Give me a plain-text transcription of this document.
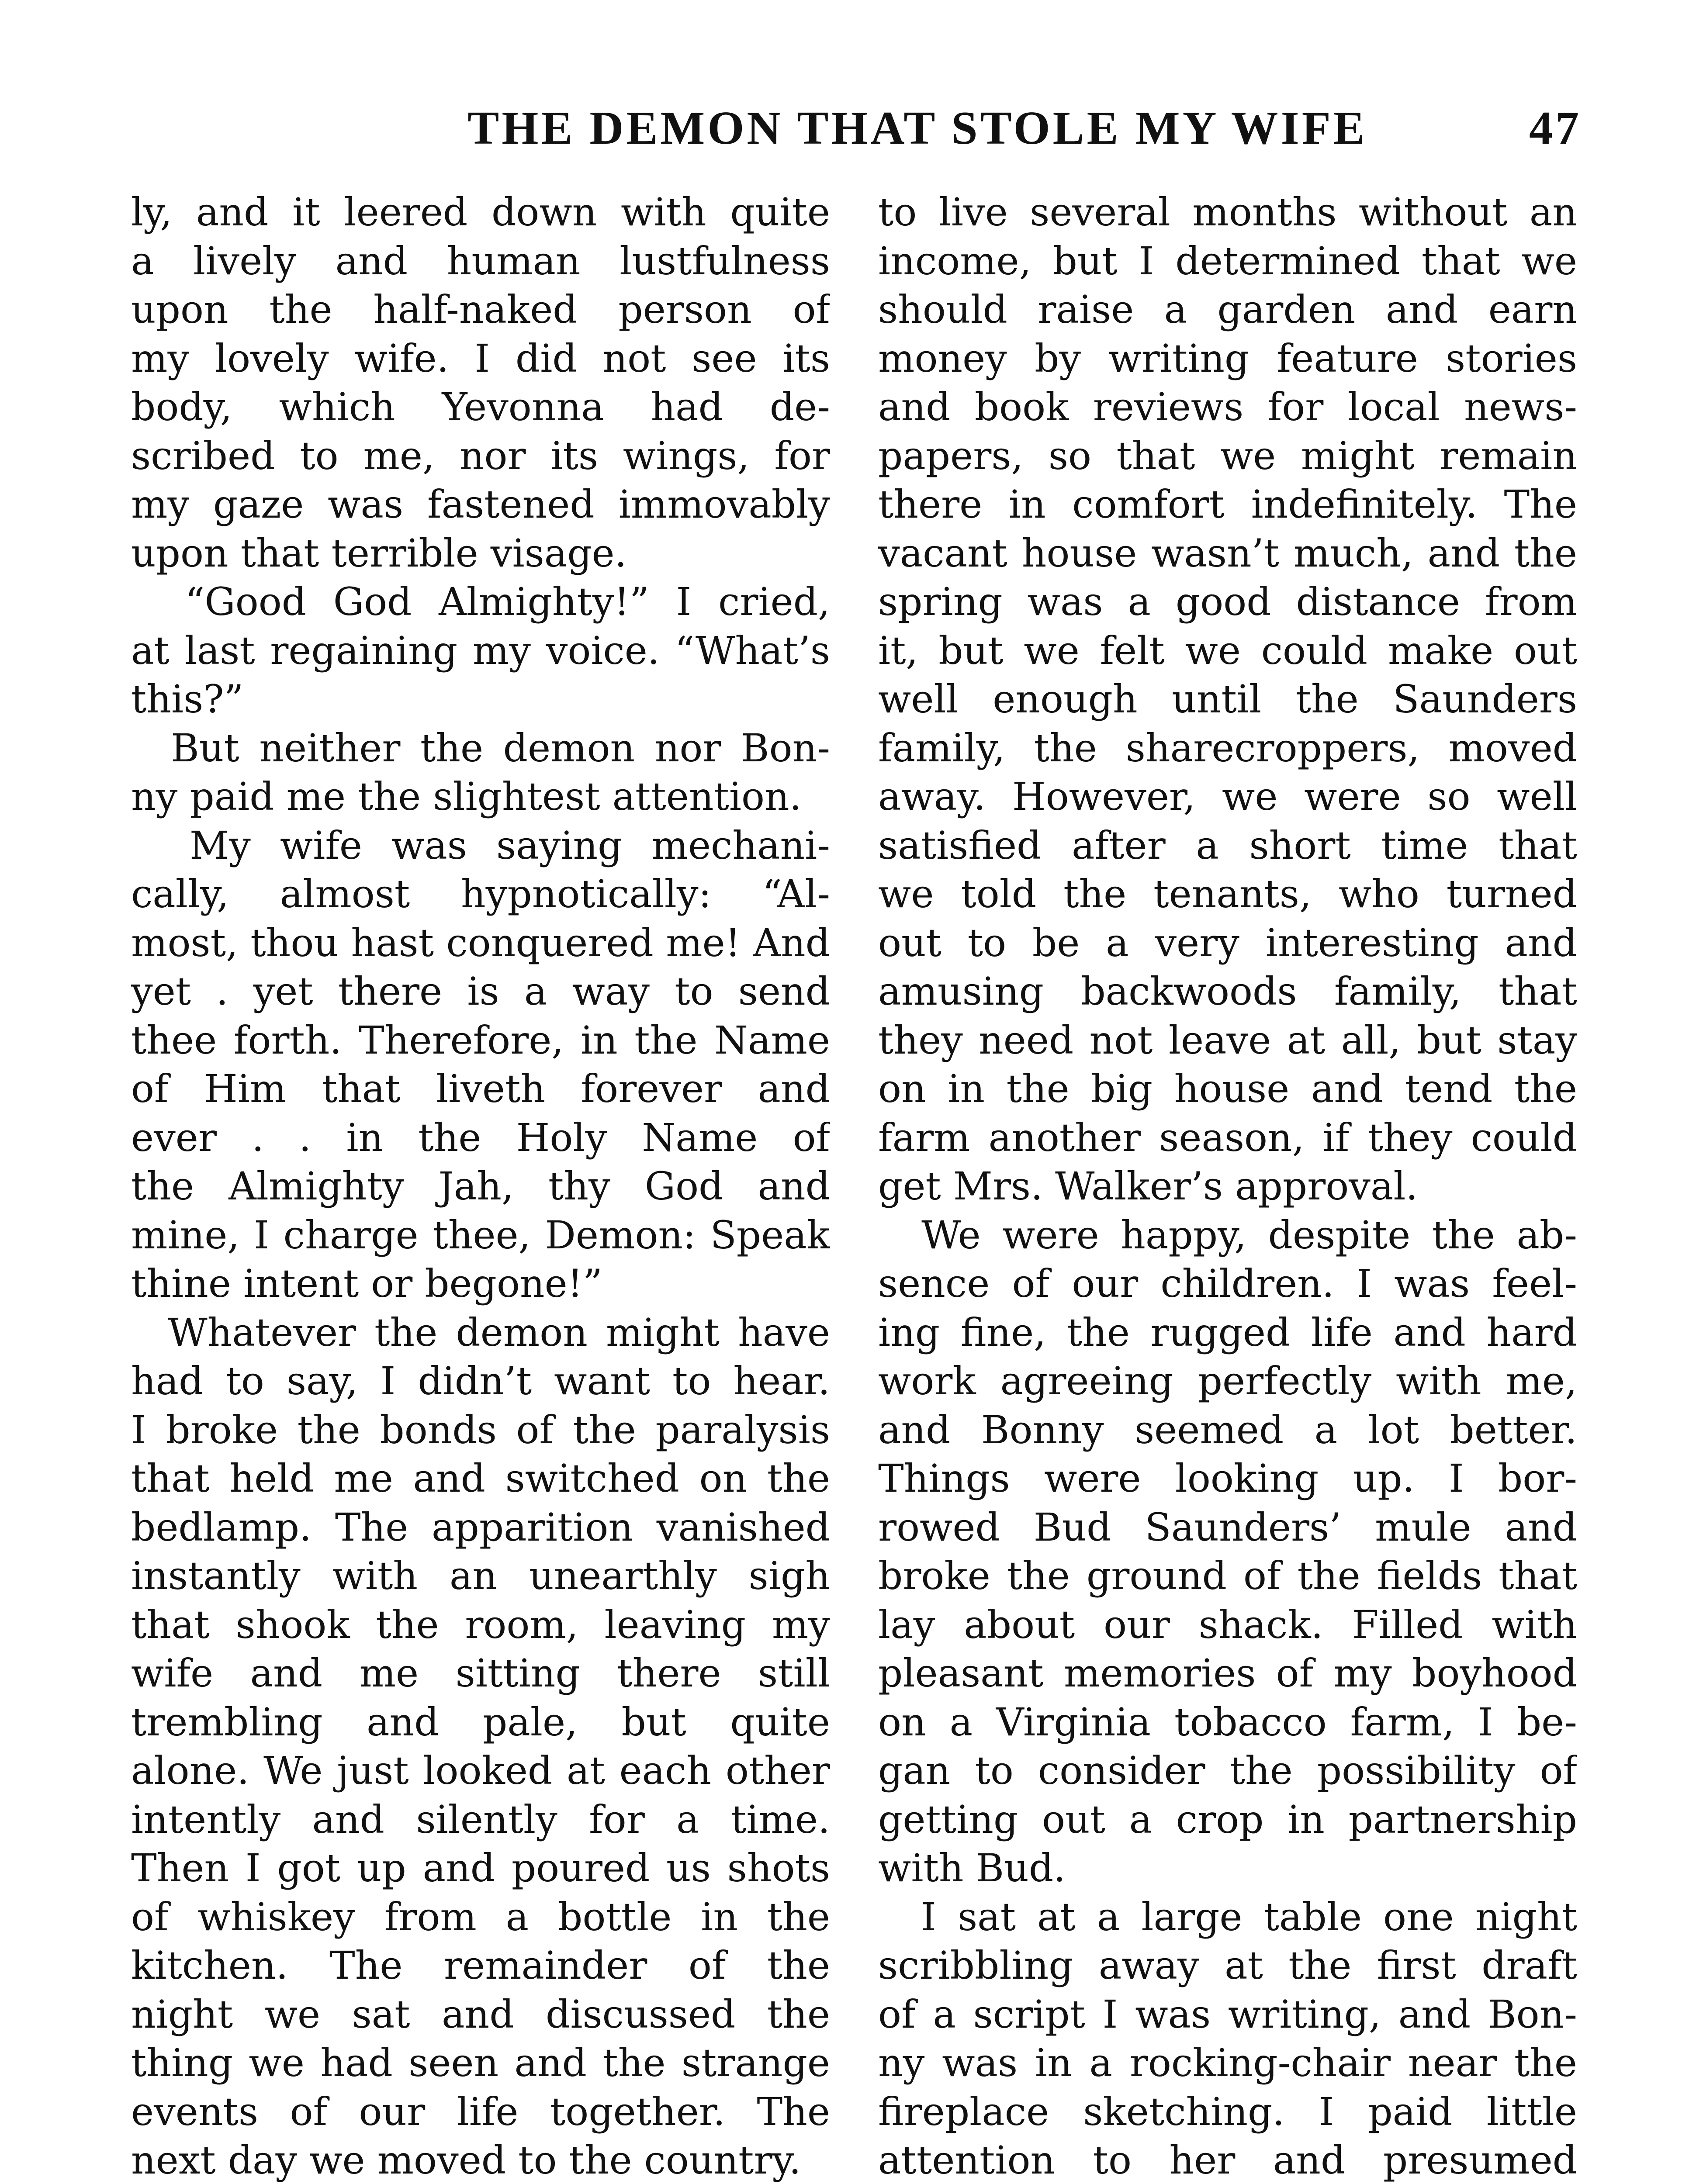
THE DEMON THAT STOLE MY WIFE	47
ly, and it leered down with quite
a lively and human lustfulness
upon the half-naked person of
my lovely wife. I did not see its
body, which Yevonna had de-
scribed to me, nor its wings, for
my gaze was fastened immovably
upon that terrible visage.
“Good God Almighty!” I cried,
at last regaining my voice. “What’s
this?”
But neither the demon nor Bon-
ny paid me the slightest attention.
My wife was saying mechani-
cally, almost hypnotically: “Al-
most, thou hast conquered me! And
yet . yet there is a way to send
thee forth. Therefore, in the Name
of Him that liveth forever and
ever . . in the Holy Name of
the Almighty Jah, thy God and
mine, I charge thee, Demon: Speak
thine intent or begone!”
Whatever the demon might have
had to say, I didn’t want to hear.
I broke the bonds of the paralysis
that held me and switched on the
bedlamp. The apparition vanished
instantly with an unearthly sigh
that shook the room, leaving my
wife and me sitting there still
trembling and pale, but quite
alone. We just looked at each other
intently and silently for a time.
Then I got up and poured us shots
of whiskey from a bottle in the
kitchen. The remainder of the
night we sat and discussed the
thing we had seen and the strange
events of our life together. The
next day we moved to the country.
to live several months without an
income, but I determined that we
should raise a garden and earn
money by writing feature stories
and book reviews for local news-
papers, so that we might remain
there in comfort indefinitely. The
vacant house wasn’t much, and the
spring was a good distance from
it, but we felt we could make out
well enough until the Saunders
family, the sharecroppers, moved
away. However, we were so well
satisfied after a short time that
we told the tenants, who turned
out to be a very interesting and
amusing backwoods family, that
they need not leave at all, but stay
on in the big house and tend the
farm another season, if they could
get Mrs. Walker’s approval.
We were happy, despite the ab-
sence of our children. I was feel-
ing fine, the rugged life and hard
work agreeing perfectly with me,
and Bonny seemed a lot better.
Things were looking up. I bor-
rowed Bud Saunders’ mule and
broke the ground of the fields that
lay about our shack. Filled with
pleasant memories of my boyhood
on a Virginia tobacco farm, I be-
gan to consider the possibility of
getting out a crop in partnership
with Bud.
I sat at a large table one night
scribbling away at the first draft
of a script I was writing, and Bon-
ny was in a rocking-chair near the
fireplace sketching. I paid little
attention to her and presumed
